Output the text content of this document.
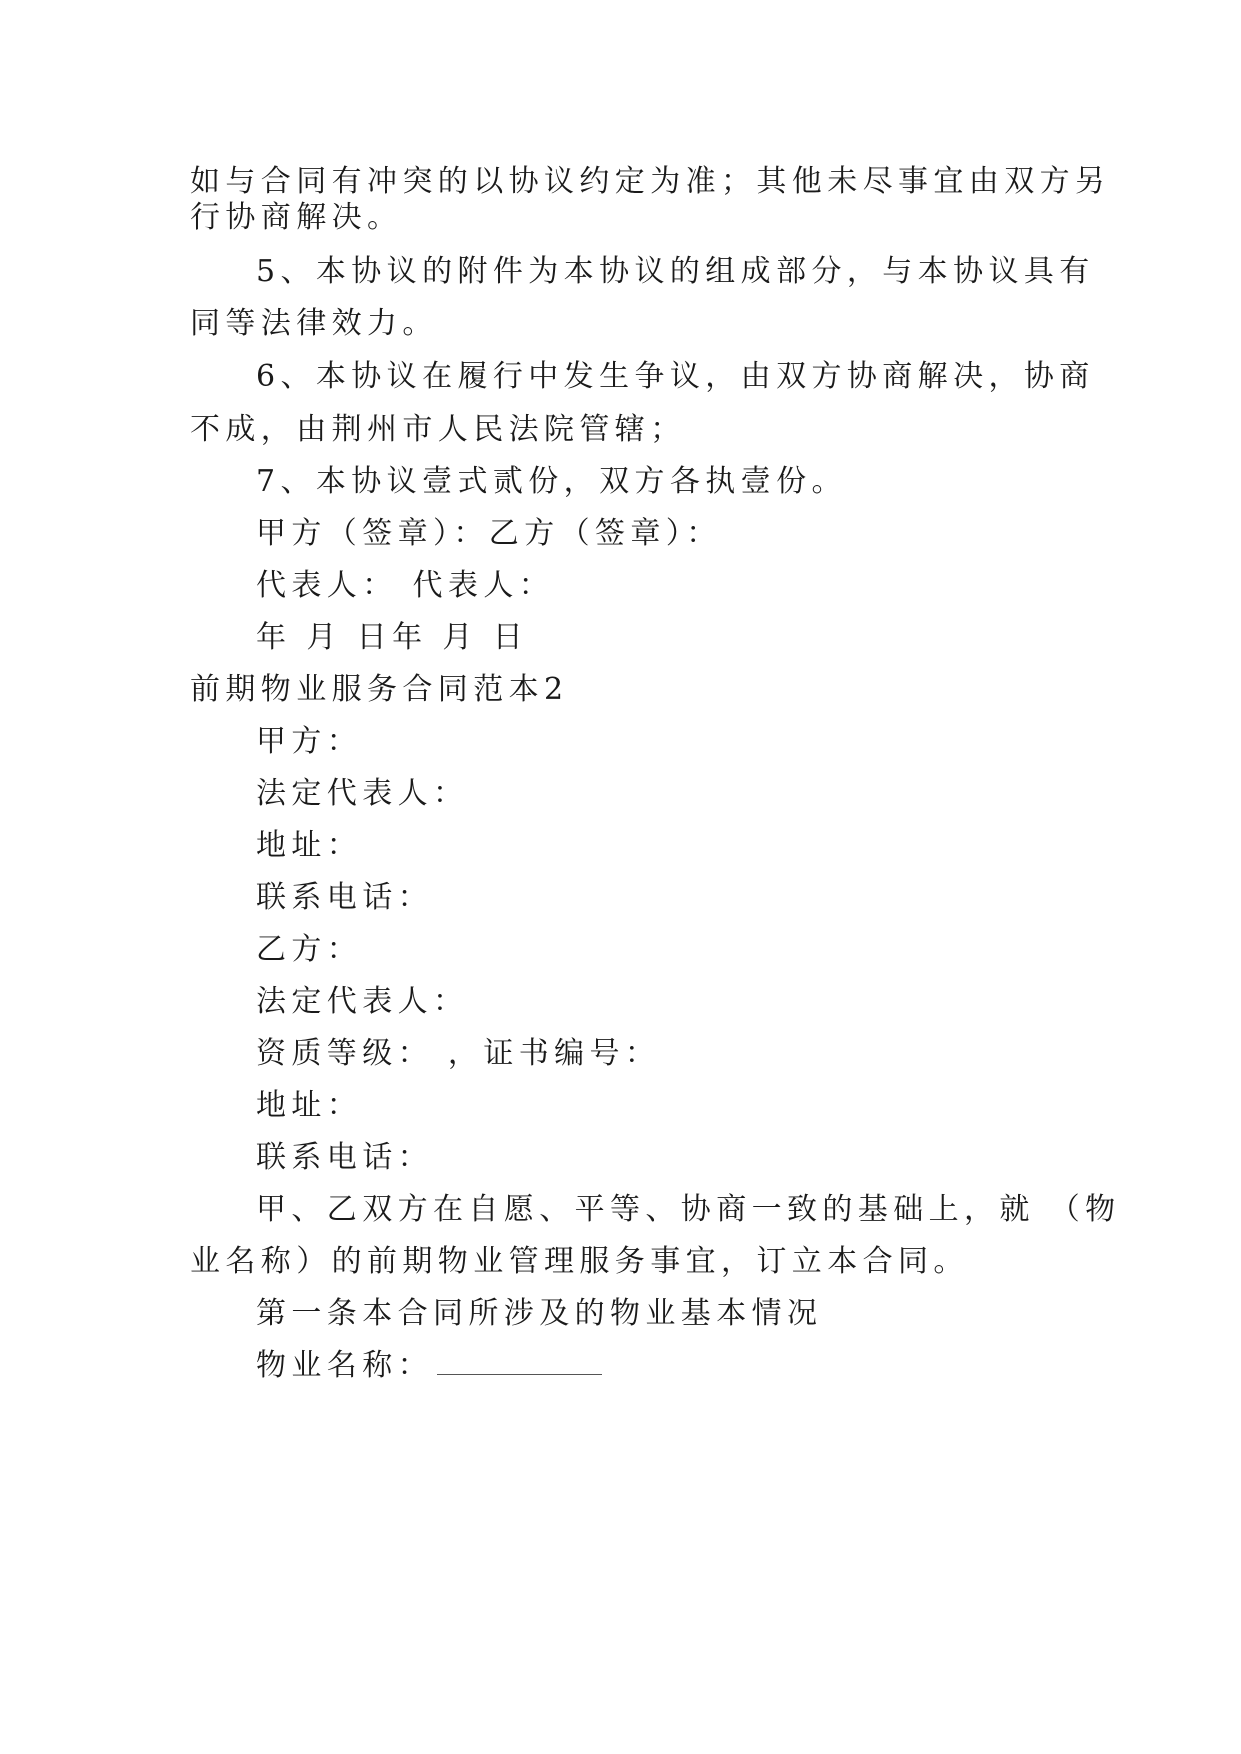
如与合同有冲突的以协议约定为准；其他未尽事宜由双方另
行协商解决。
5、本协议的附件为本协议的组成部分，与本协议具有
同等法律效力。
6、本协议在履行中发生争议，由双方协商解决，协商
不成，由荆州市人民法院管辖；
7、本协议壹式贰份，双方各执壹份。
甲方（签章）：乙方（签章）：
代表人： 代表人：
年 月 日年 月 日
前期物业服务合同范本2
甲方：
法定代表人：
地址：
联系电话：
乙方：
法定代表人：
资质等级： ，证书编号：
地址：
联系电话：
甲、乙双方在自愿、平等、协商一致的基础上，就 （物
业名称）的前期物业管理服务事宜，订立本合同。
第一条本合同所涉及的物业基本情况
物业名称：
